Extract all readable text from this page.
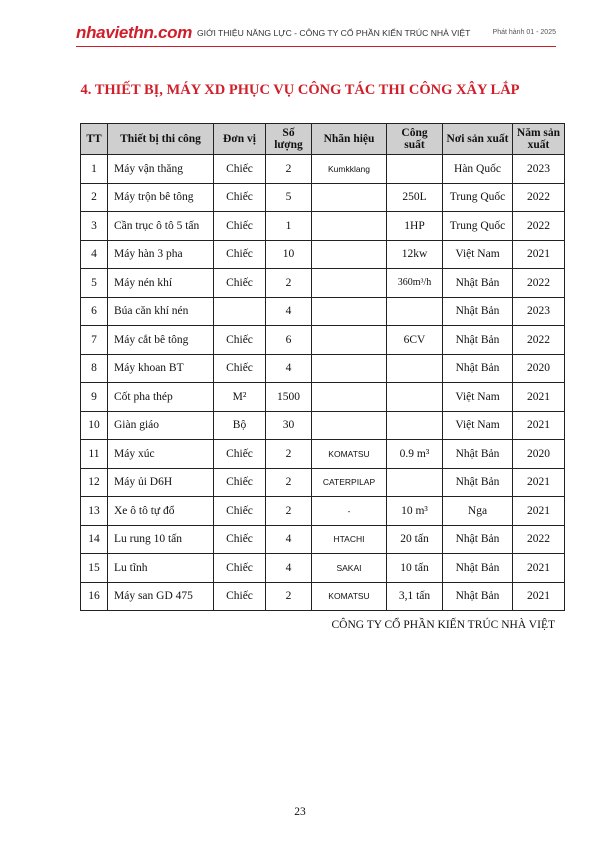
nhaviethn.com GIỚI THIỆU NĂNG LỰC - CÔNG TY CỔ PHẦN KIẾN TRÚC NHÀ VIỆT	Phát hành 01 - 2025
4. THIẾT BỊ, MÁY XD PHỤC VỤ CÔNG TÁC THI CÔNG XÂY LẮP
TT	Thiết bị thi công	Đơn vị	Số lượng	Nhãn hiệu	Công suất	Nơi sản xuất	Năm sản xuất
1	Máy vận thăng	Chiếc	2	Kumkklang		Hàn Quốc	2023
2	Máy trộn bê tông	Chiếc	5		250L	Trung Quốc	2022
3	Cần trục ô tô 5 tấn	Chiếc	1		1HP	Trung Quốc	2022
4	Máy hàn 3 pha	Chiếc	10		12kw	Việt Nam	2021
5	Máy nén khí	Chiếc	2		360m³/h	Nhật Bản	2022
6	Búa căn khí nén		4			Nhật Bản	2023
7	Máy cắt bê tông	Chiếc	6		6CV	Nhật Bản	2022
8	Máy khoan BT	Chiếc	4			Nhật Bản	2020
9	Cốt pha thép	M²	1500			Việt Nam	2021
10	Giàn giáo	Bộ	30			Việt Nam	2021
11	Máy xúc	Chiếc	2	KOMATSU	0.9 m³	Nhật Bản	2020
12	Máy ủi D6H	Chiếc	2	CATERPILAP		Nhật Bản	2021
13	Xe ô tô tự đổ	Chiếc	2	-	10 m³	Nga	2021
14	Lu rung 10 tấn	Chiếc	4	HTACHI	20 tấn	Nhật Bản	2022
15	Lu tĩnh	Chiếc	4	SAKAI	10 tấn	Nhật Bản	2021
16	Máy san GD 475	Chiếc	2	KOMATSU	3,1 tấn	Nhật Bản	2021
CÔNG TY CỔ PHẦN KIẾN TRÚC NHÀ VIỆT
23
